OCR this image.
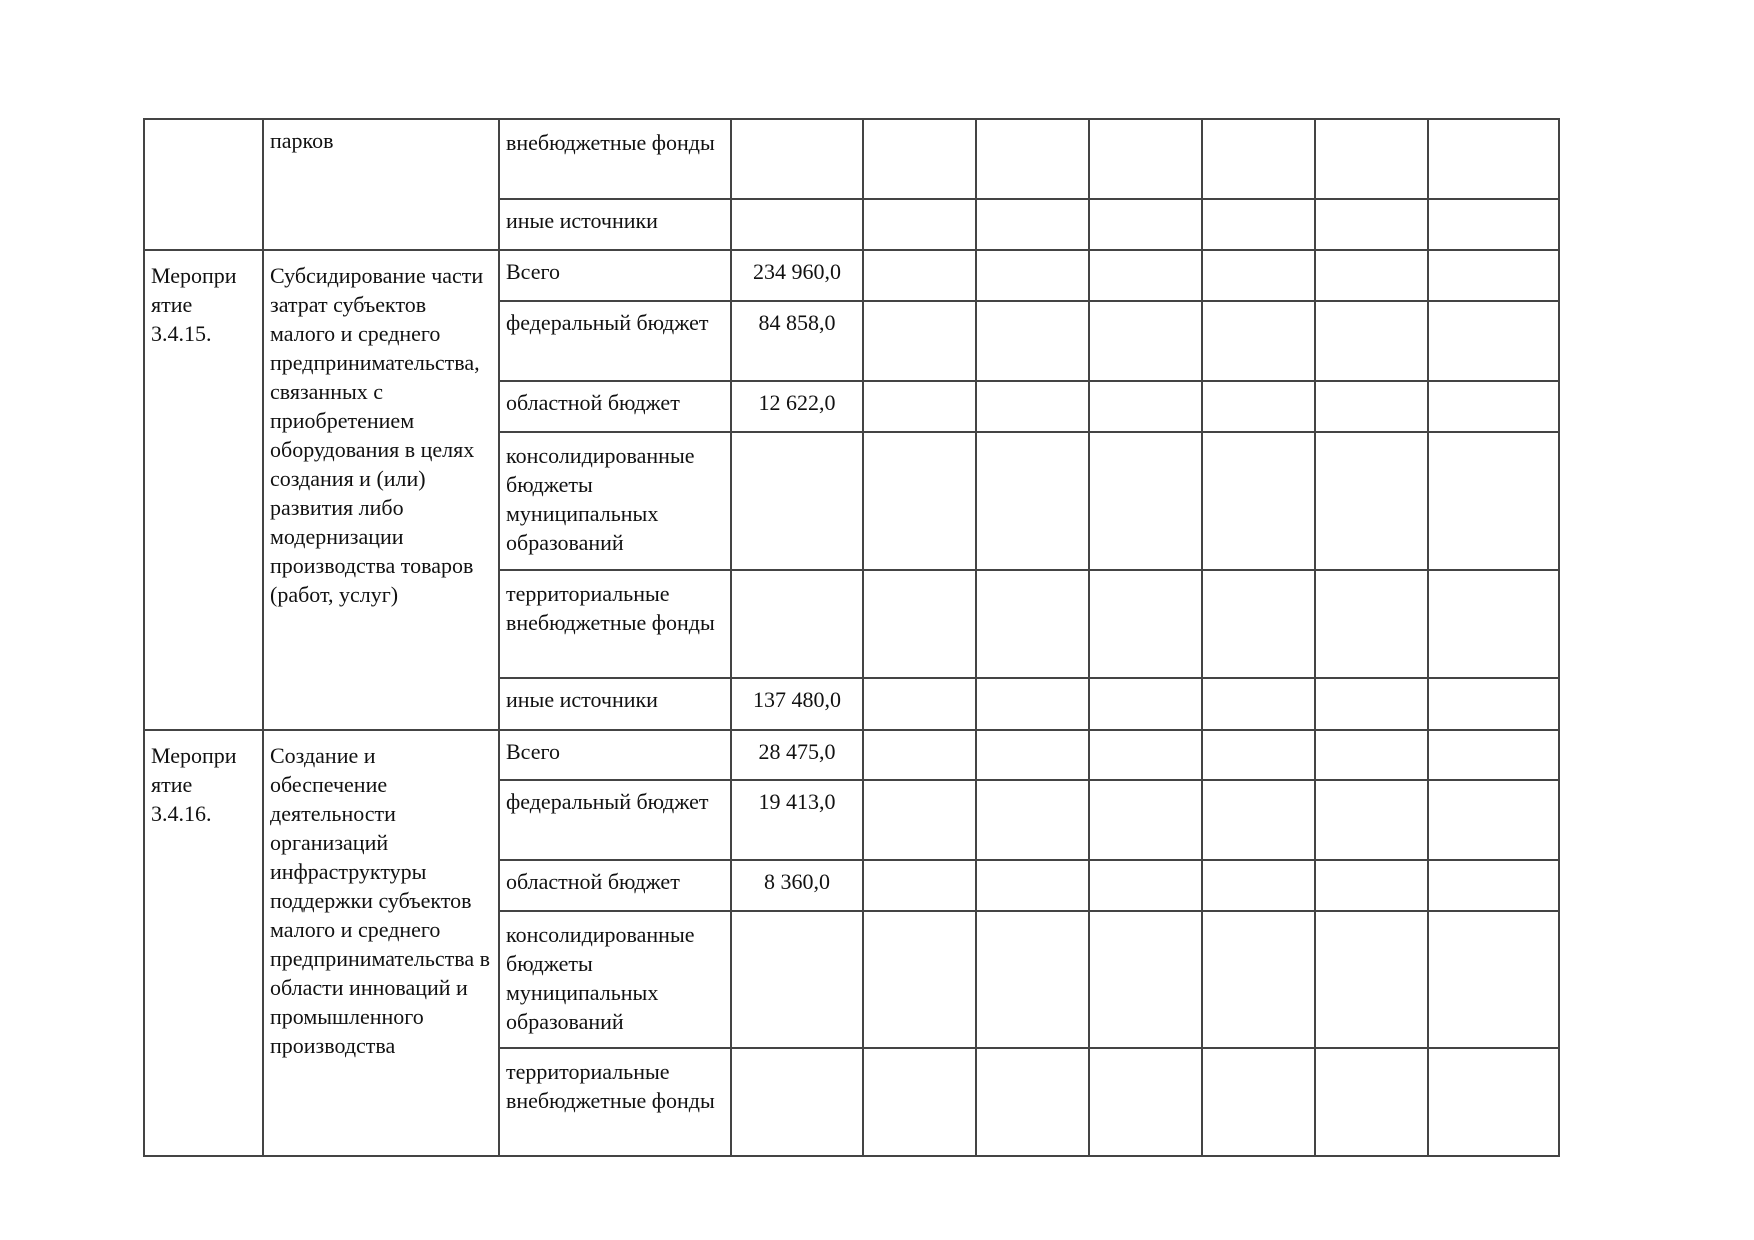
	парков	внебюджетные фонды							
		иные источники							
Меропри ятие 3.4.15.	Субсидирование части затрат субъектов малого и среднего предпринимательства, связанных с приобретением оборудования в целях создания и (или) развития либо модернизации производства товаров (работ, услуг)	Всего	234 960,0						
		федеральный бюджет	84 858,0						
		областной бюджет	12 622,0						
		консолидированные бюджеты муниципальных образований							
		территориальные внебюджетные фонды							
		иные источники	137 480,0						
Меропри ятие 3.4.16.	Создание и обеспечение деятельности организаций инфраструктуры поддержки субъектов малого и среднего предпринимательства в области инноваций и промышленного производства	Всего	28 475,0						
		федеральный бюджет	19 413,0						
		областной бюджет	8 360,0						
		консолидированные бюджеты муниципальных образований							
		территориальные внебюджетные фонды							
